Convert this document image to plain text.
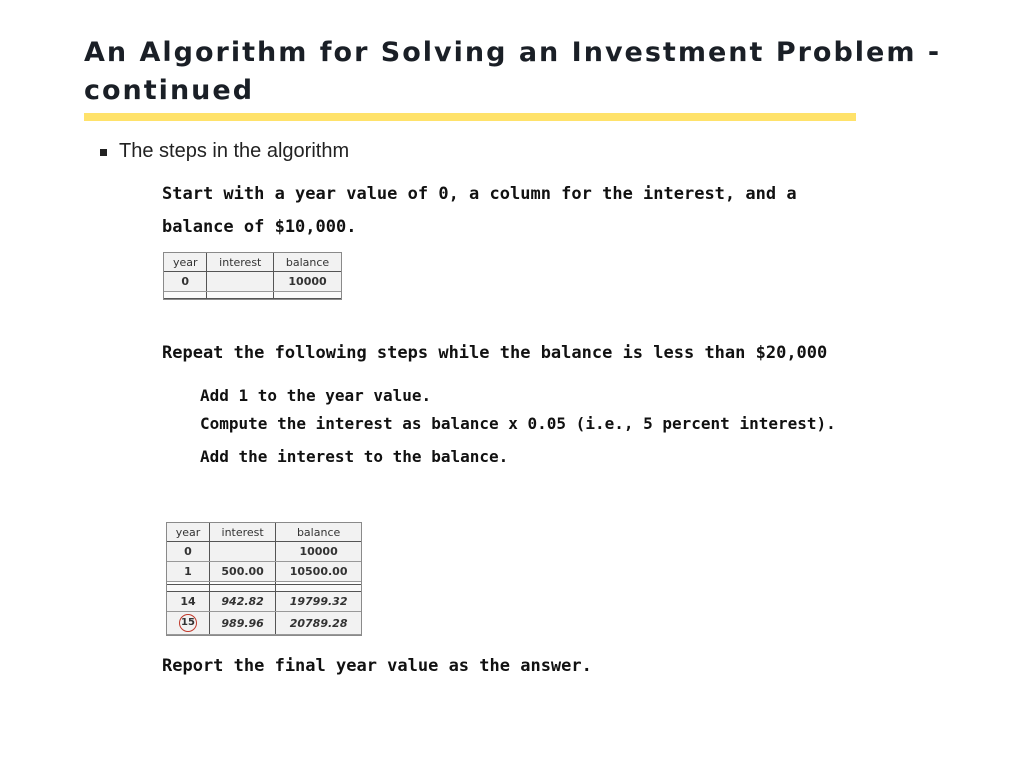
An Algorithm for Solving an Investment Problem - continued
The steps in the algorithm
Start with a year value of 0, a column for the interest, and a
balance of $10,000.
year	interest	balance
0		10000

Repeat the following steps while the balance is less than $20,000
Add 1 to the year value.
Compute the interest as balance x 0.05 (i.e., 5 percent interest).
Add the interest to the balance.
year	interest	balance
0		10000
1	500.00	10500.00

14	942.82	19799.32
15	989.96	20789.28
Report the final year value as the answer.
